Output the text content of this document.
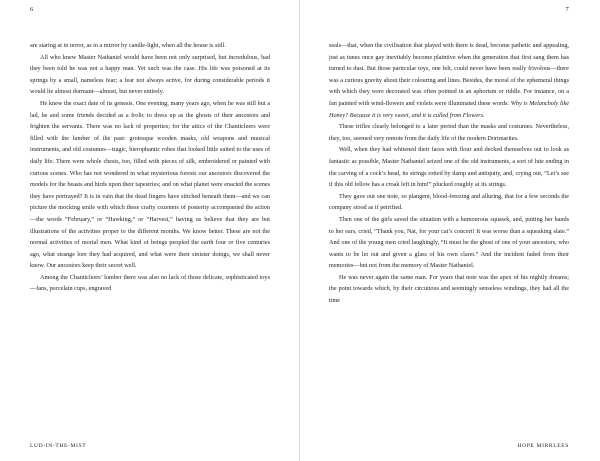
6

are staring at in terror, as in a mirror by candle-light, when all the house is still.

All who knew Master Nathaniel would have been not only surprised, but incredulous, had they been told he was not a happy man. Yet such was the case. His life was poisoned at its springs by a small, nameless fear; a fear not always active, for during considerable periods it would lie almost dormant—almost, but never entirely.

He knew the exact date of its genesis. One evening, many years ago, when he was still but a lad, he and some friends decided as a frolic to dress up as the ghosts of their ancestors and frighten the servants. There was no lack of properties; for the attics of the Chanticleers were filled with the lumber of the past: grotesque wooden masks, old weapons and musical instruments, and old costumes—tragic, hierophantic robes that looked little suited to the uses of daily life. There were whole chests, too, filled with pieces of silk, embroidered or painted with curious scenes. Who has not wondered in what mysterious forests our ancestors discovered the models for the beasts and birds upon their tapestries; and on what planet were enacted the scenes they have portrayed? It is in vain that the dead fingers have stitched beneath them—and we can picture the mocking smile with which these crafty cozeners of posterity accompanied the action—the words “February,” or “Hawking,” or “Harvest,” having us believe that they are but illustrations of the activities proper to the different months. We know better. These are not the normal activities of mortal men. What kind of beings peopled the earth four or five centuries ago, what strange lore they had acquired, and what were their sinister doings, we shall never know. Our ancestors keep their secret well.

Among the Chanticleers’ lumber there was also no lack of those delicate, sophisticated toys—fans, porcelain cups, engraved

LUD-IN-THE-MIST
7

seals—that, when the civilisation that played with them is dead, become pathetic and appealing, just as tunes once gay inevitably become plaintive when the generation that first sang them has turned to dust. But those particular toys, one felt, could never have been really frivolous—there was a curious gravity about their colouring and lines. Besides, the moral of the ephemeral things with which they were decorated was often pointed in an aphorism or riddle. For instance, on a fan painted with wind-flowers and violets were illuminated these words: Why is Melancholy like Honey? Because it is very sweet, and it is culled from Flowers.

These trifles clearly belonged to a later period than the masks and costumes. Nevertheless, they, too, seemed very remote from the daily life of the modern Dorimarites.

Well, when they had whitened their faces with flour and decked themselves out to look as fantastic as possible, Master Nathaniel seized one of the old instruments, a sort of lute ending in the carving of a cock’s head, its strings rotted by damp and antiquity, and, crying out, “Let’s see if this old fellow has a croak left in him!” plucked roughly at its strings.

They gave out one note, so plangent, blood-freezing and alluring, that for a few seconds the company stood as if petrified.

Then one of the girls saved the situation with a humourous squawk, and, putting her hands to her ears, cried, “Thank you, Nat, for your cat’s concert! It was worse than a squeaking slate.” And one of the young men cried laughingly, “It must be the ghost of one of your ancestors, who wants to be let out and given a glass of his own claret.” And the incident faded from their memories—but not from the memory of Master Nathaniel.

He was never again the same man. For years that note was the apex of his nightly dreams; the point towards which, by their circuitous and seemingly senseless windings, they had all the time

HOPE MIRRLEES
